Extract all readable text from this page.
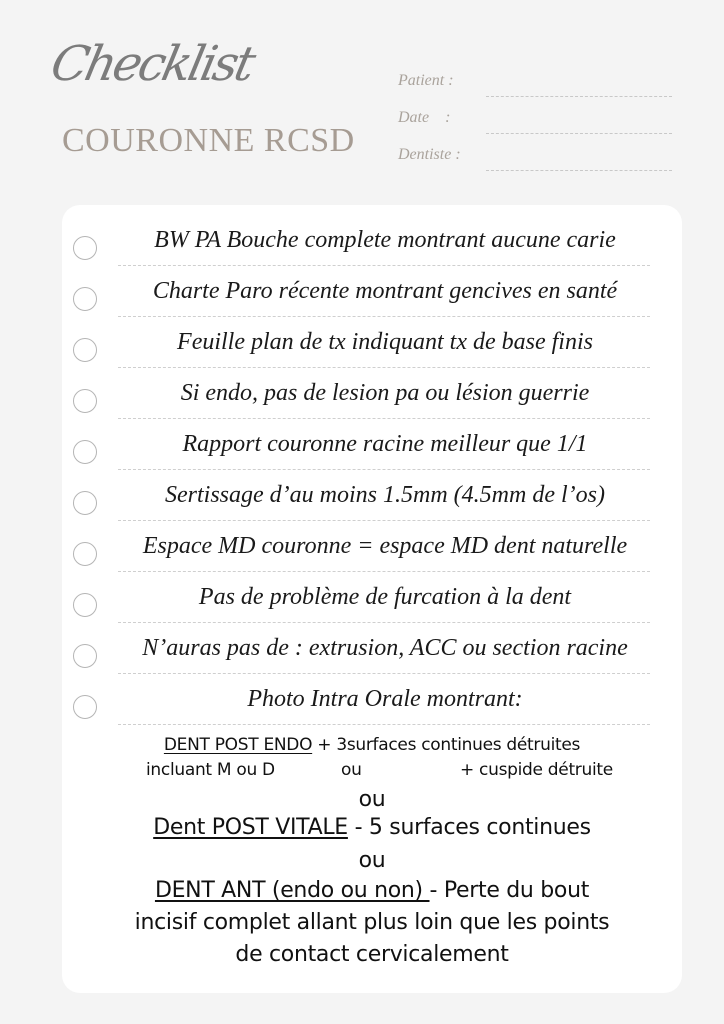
Checklist
COURONNE RCSD
Patient :
Date    :
Dentiste :
BW PA Bouche complete montrant aucune carie
Charte Paro récente montrant gencives en santé
Feuille plan de tx indiquant tx de base finis
Si endo, pas de lesion pa ou lésion guerrie
Rapport couronne racine meilleur que 1/1
Sertissage d’au moins 1.5mm (4.5mm de l’os)
Espace MD couronne = espace MD dent naturelle
Pas de problème de furcation à la dent
N’auras pas de : extrusion, ACC ou section racine
Photo Intra Orale montrant:
DENT POST ENDO + 3surfaces continues détruites
incluant M ou D	ou	+ cuspide détruite
ou
Dent POST VITALE - 5 surfaces continues
ou
DENT ANT (endo ou non) - Perte du bout
incisif complet allant plus loin que les points
de contact cervicalement
